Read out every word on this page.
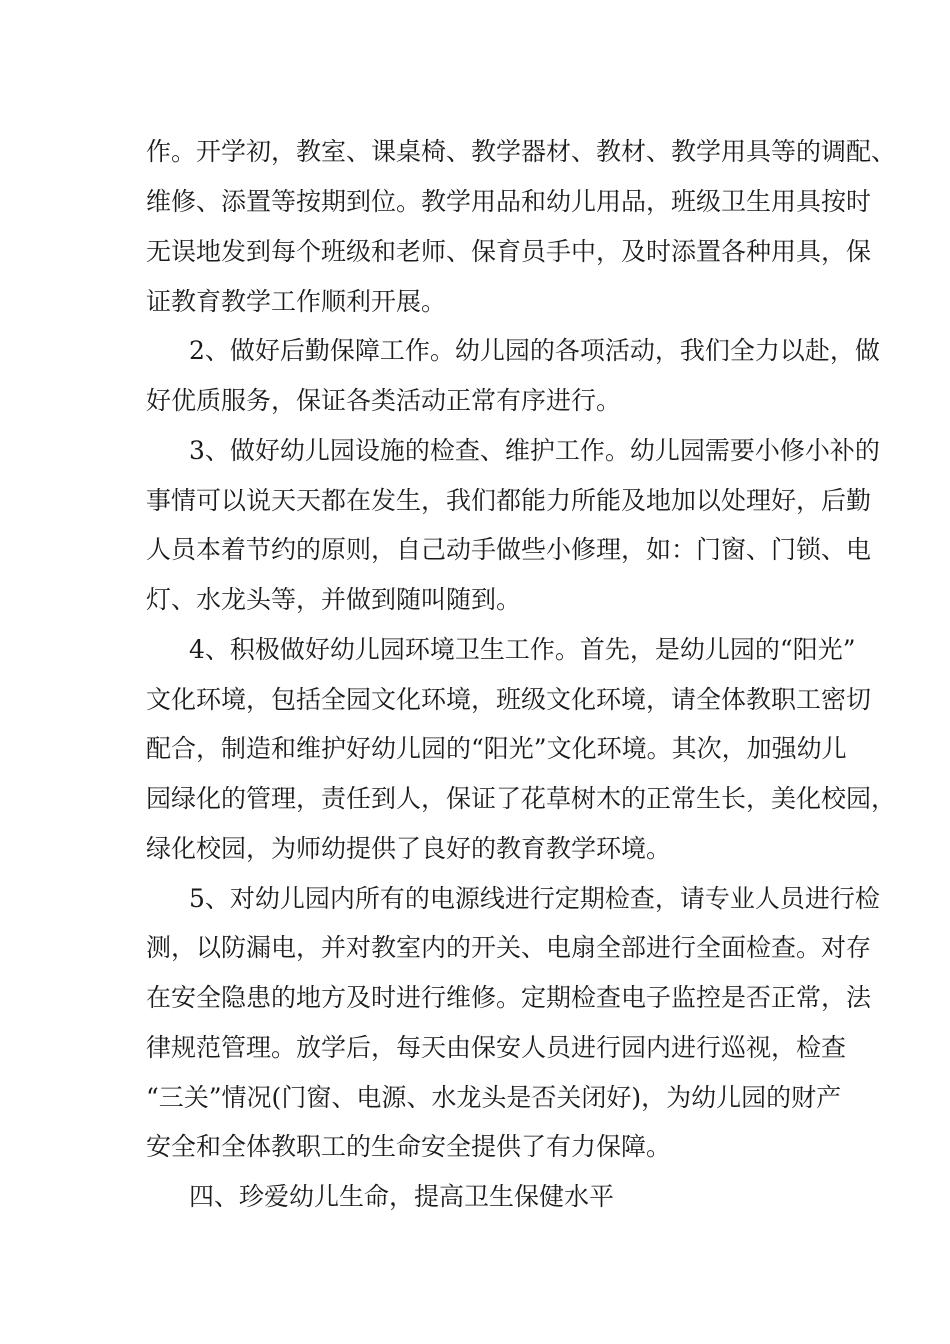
作。开学初，教室、课桌椅、教学器材、教材、教学用具等的调配、
维修、添置等按期到位。教学用品和幼儿用品，班级卫生用具按时
无误地发到每个班级和老师、保育员手中，及时添置各种用具，保
证教育教学工作顺利开展。
2、做好后勤保障工作。幼儿园的各项活动，我们全力以赴，做
好优质服务，保证各类活动正常有序进行。
3、做好幼儿园设施的检查、维护工作。幼儿园需要小修小补的
事情可以说天天都在发生，我们都能力所能及地加以处理好，后勤
人员本着节约的原则，自己动手做些小修理，如：门窗、门锁、电
灯、水龙头等，并做到随叫随到。
4、积极做好幼儿园环境卫生工作。首先，是幼儿园的“阳光”
文化环境，包括全园文化环境，班级文化环境，请全体教职工密切
配合，制造和维护好幼儿园的“阳光”文化环境。其次，加强幼儿
园绿化的管理，责任到人，保证了花草树木的正常生长，美化校园，
绿化校园，为师幼提供了良好的教育教学环境。
5、对幼儿园内所有的电源线进行定期检查，请专业人员进行检
测，以防漏电，并对教室内的开关、电扇全部进行全面检查。对存
在安全隐患的地方及时进行维修。定期检查电子监控是否正常，法
律规范管理。放学后，每天由保安人员进行园内进行巡视，检查
“三关”情况(门窗、电源、水龙头是否关闭好)，为幼儿园的财产
安全和全体教职工的生命安全提供了有力保障。
四、珍爱幼儿生命，提高卫生保健水平
